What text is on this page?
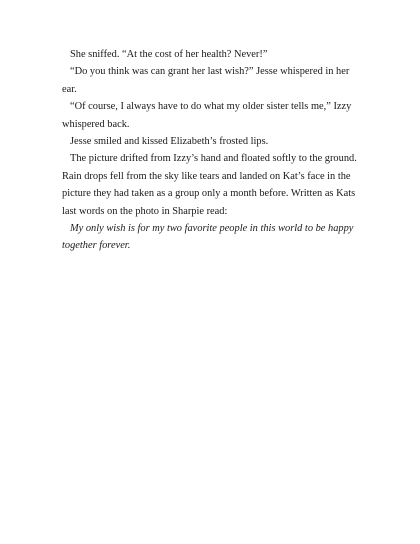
She sniffed. “At the cost of her health? Never!”

“Do you think was can grant her last wish?” Jesse whispered in her ear.

“Of course, I always have to do what my older sister tells me,” Izzy whispered back.

Jesse smiled and kissed Elizabeth’s frosted lips.

The picture drifted from Izzy’s hand and floated softly to the ground. Rain drops fell from the sky like tears and landed on Kat’s face in the picture they had taken as a group only a month before. Written as Kats last words on the photo in Sharpie read:

My only wish is for my two favorite people in this world to be happy together forever.
